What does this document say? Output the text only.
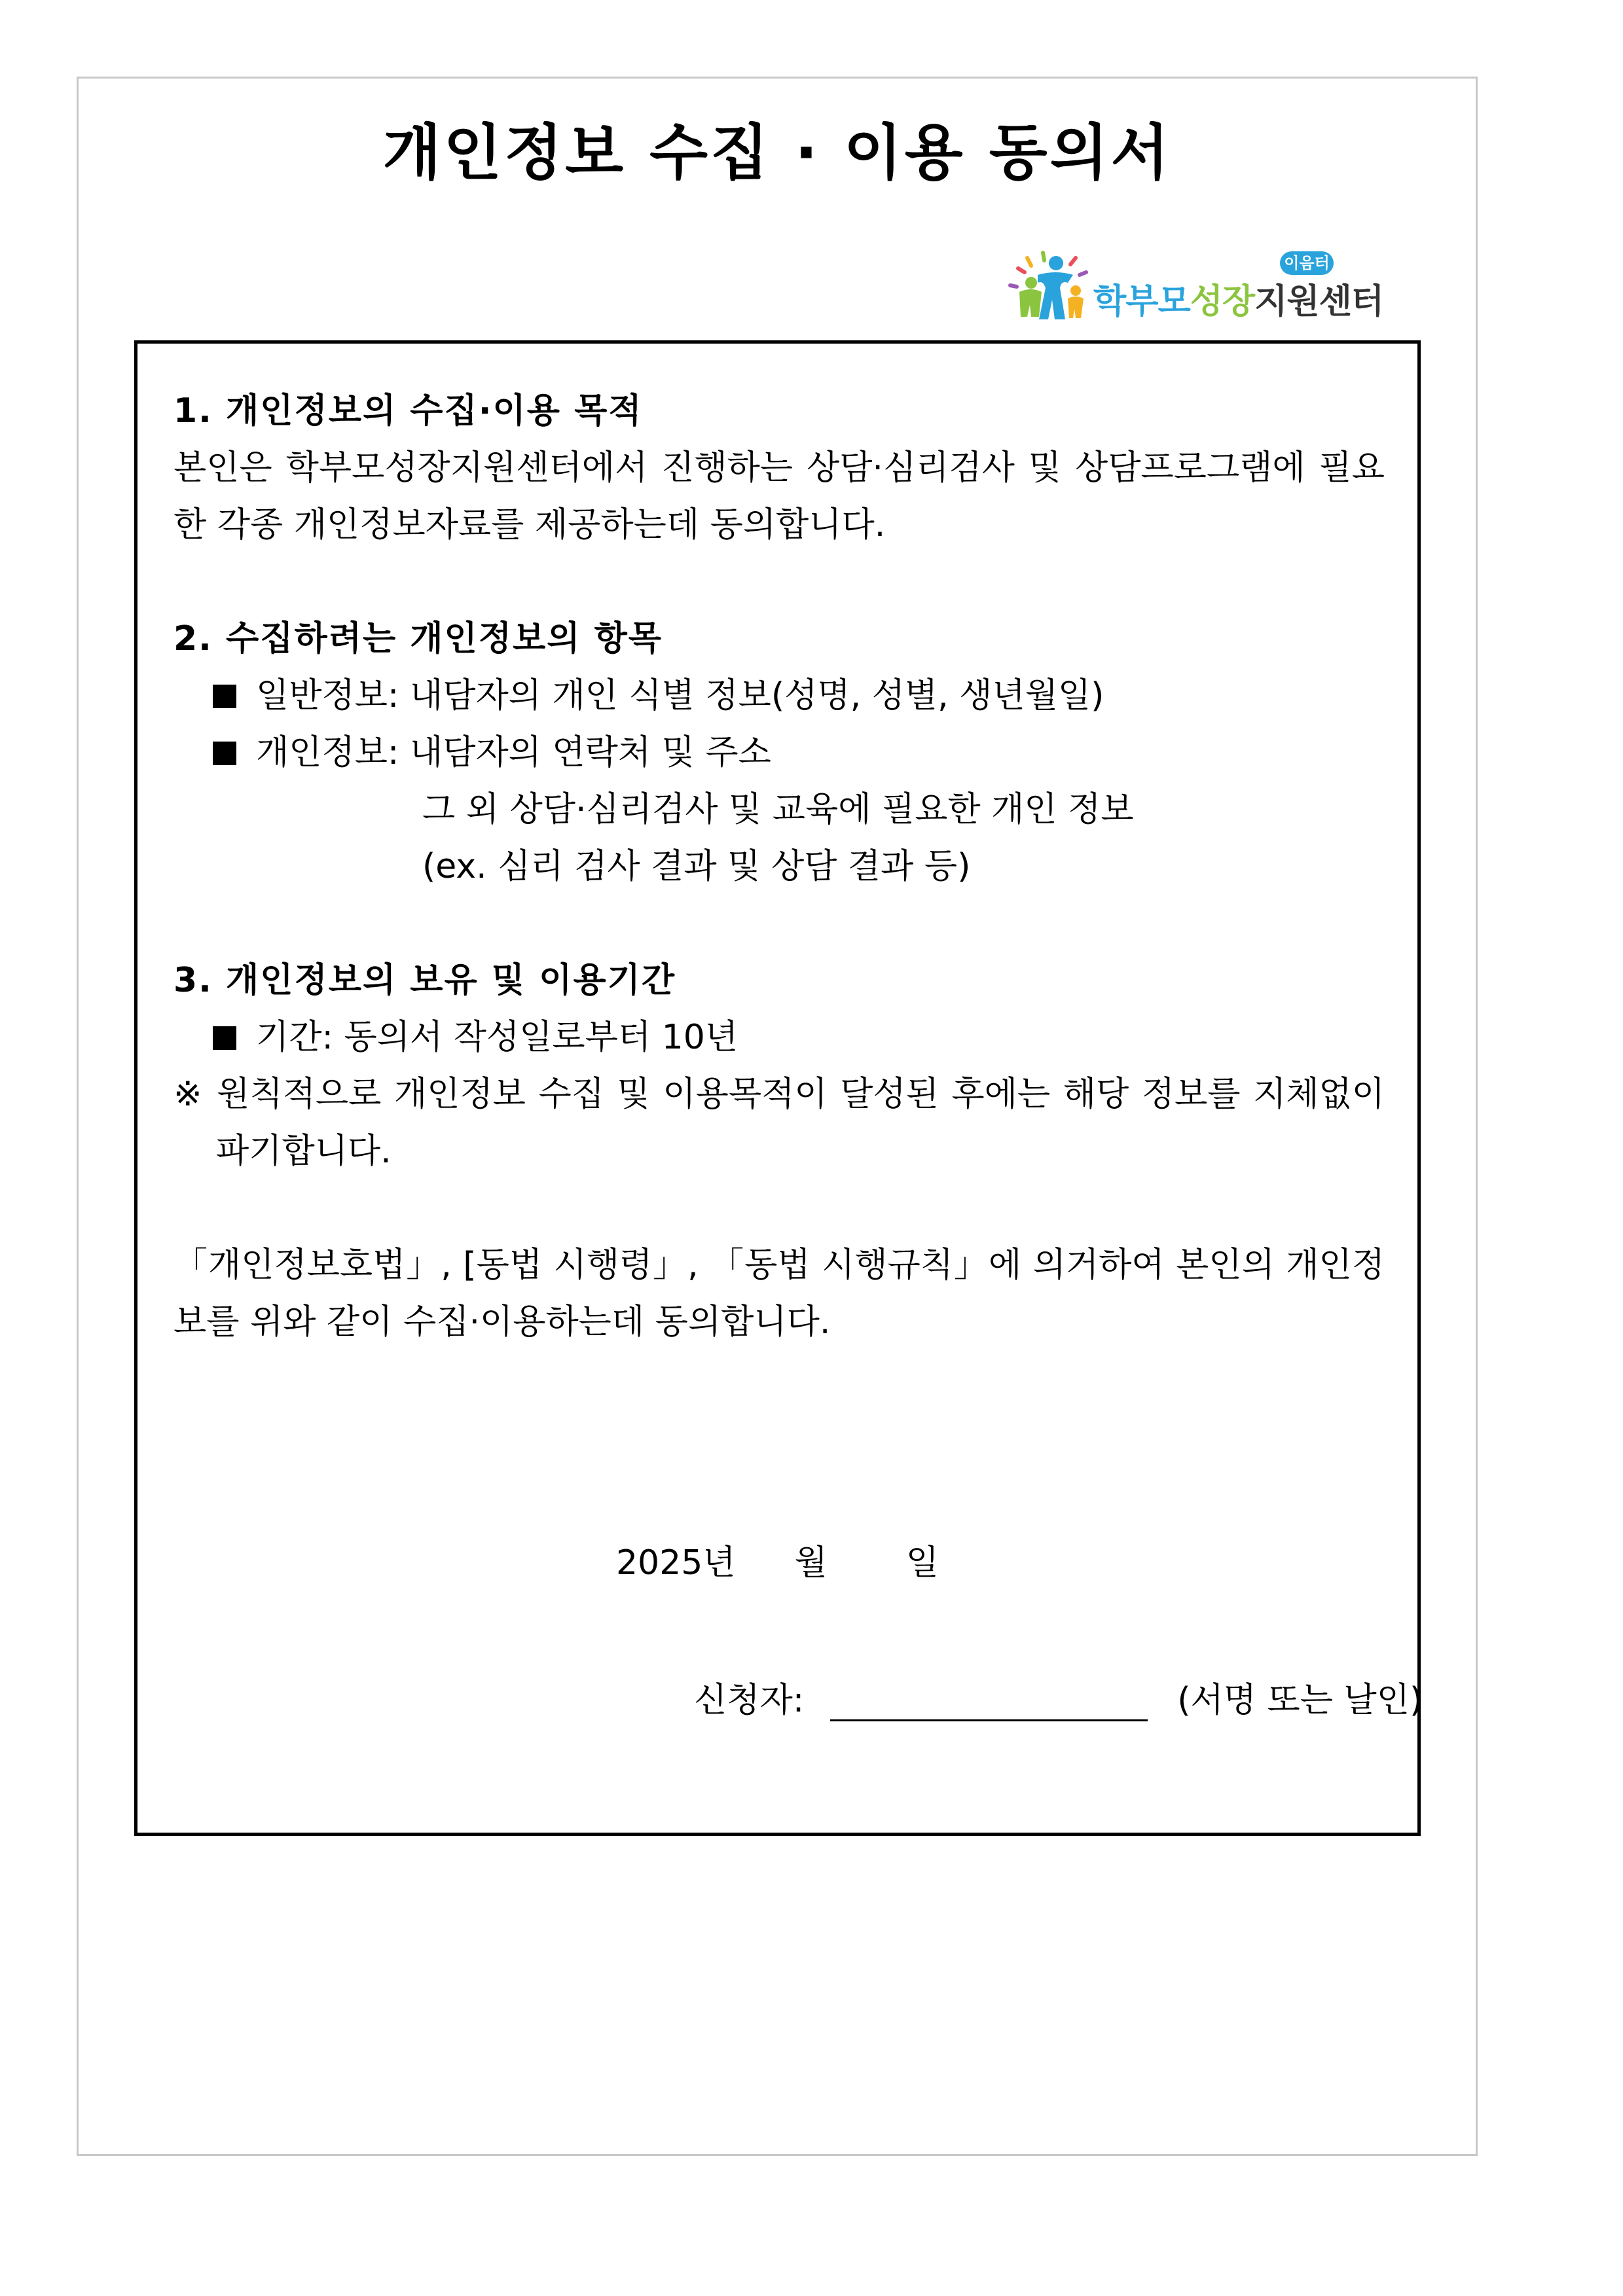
개인정보 수집 · 이용 동의서
학부모성장지원센터
이음터
1. 개인정보의 수집·이용 목적
본인은 학부모성장지원센터에서 진행하는 상담·심리검사 및 상담프로그램에 필요한 각종 개인정보자료를 제공하는데 동의합니다.
2. 수집하려는 개인정보의 항목
일반정보: 내담자의 개인 식별 정보(성명, 성별, 생년월일)
개인정보: 내담자의 연락처 및 주소
그 외 상담·심리검사 및 교육에 필요한 개인 정보
(ex. 심리 검사 결과 및 상담 결과 등)
3. 개인정보의 보유 및 이용기간
기간: 동의서 작성일로부터 10년
※ 원칙적으로 개인정보 수집 및 이용목적이 달성된 후에는 해당 정보를 지체없이 파기합니다.
「개인정보호법」, [동법 시행령」, 「동법 시행규칙」에 의거하여 본인의 개인정보를 위와 같이 수집·이용하는데 동의합니다.
2025년 월 일
신청자:	(서명 또는 날인)
